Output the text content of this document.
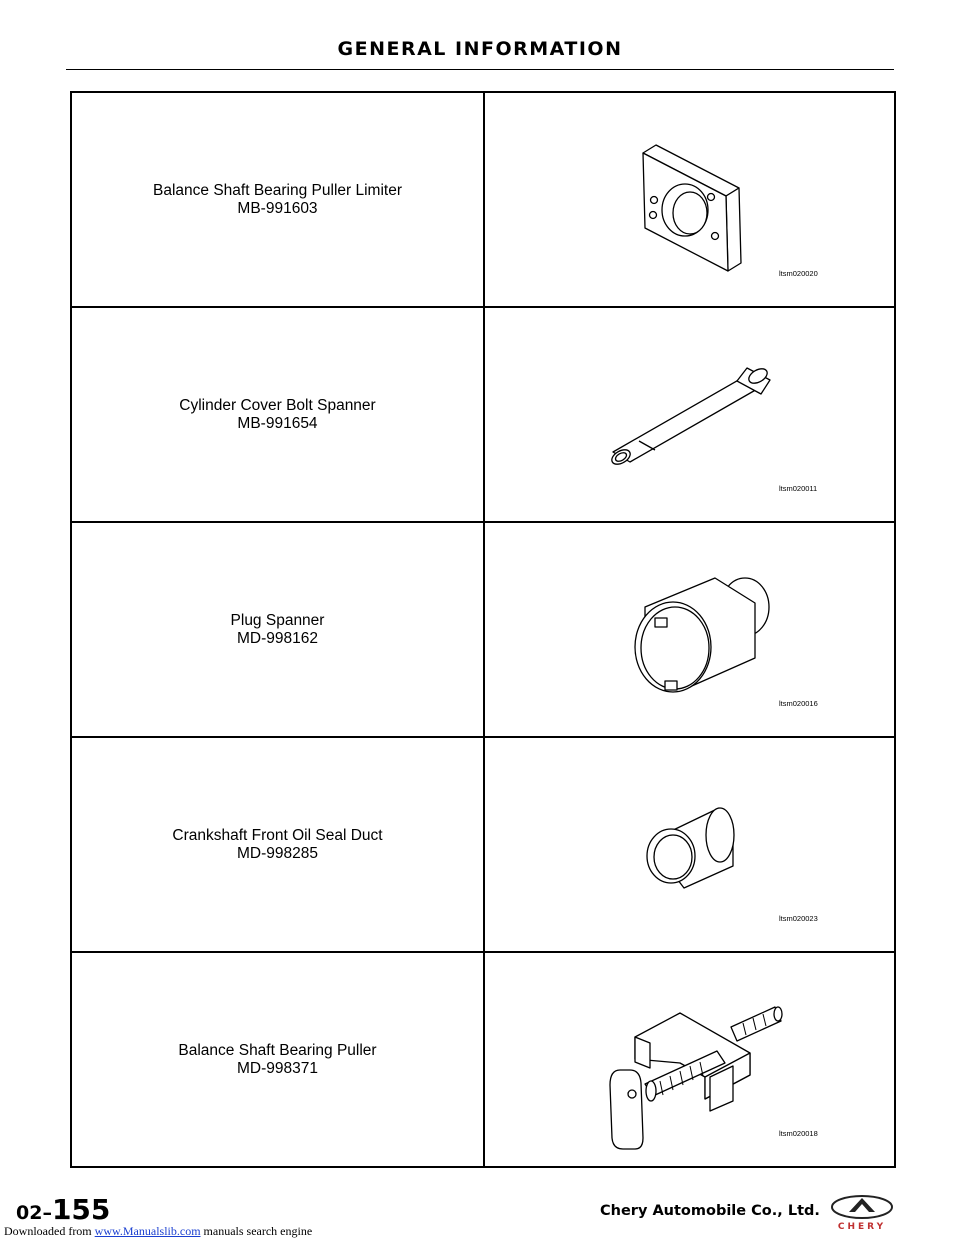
GENERAL INFORMATION
Balance Shaft Bearing Puller Limiter
MB-991603	ltsm020020

Cylinder Cover Bolt Spanner
MB-991654	ltsm020011

Plug Spanner
MD-998162	ltsm020016

Crankshaft Front Oil Seal Duct
MD-998285	ltsm020023

Balance Shaft Bearing Puller
MD-998371	ltsm020018
02–155	Chery Automobile Co., Ltd.
CHERY
Downloaded from www.Manualslib.com manuals search engine
